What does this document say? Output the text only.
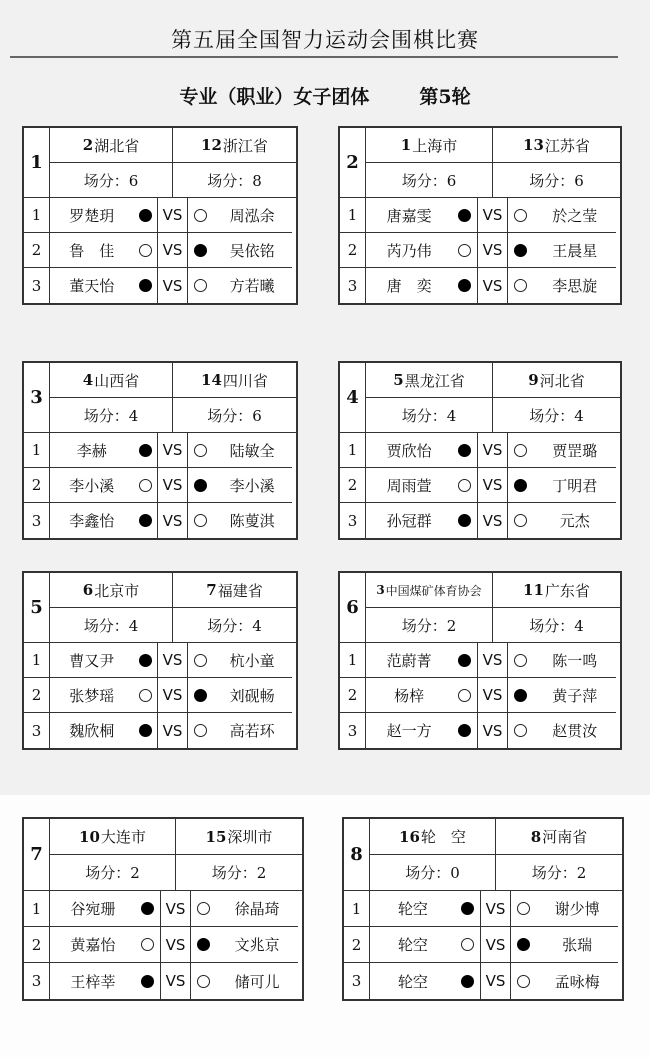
第五届全国智力运动会围棋比赛
专业（职业）女子团体	第5轮
1
2 湖北省
场分：6
12 浙江省
场分：8
1	罗楚玥	VS	周泓余
2	鲁　佳	VS	吴依铭
3	董天怡	VS	方若曦
2
1 上海市
场分：6
13 江苏省
场分：6
1	唐嘉雯	VS	於之莹
2	芮乃伟	VS	王晨星
3	唐　奕	VS	李思旋
3
4 山西省
场分：4
14 四川省
场分：6
1	李赫	VS	陆敏全
2	李小溪	VS	李小溪
3	李鑫怡	VS	陈蓃淇
4
5 黑龙江省
场分：4
9 河北省
场分：4
1	贾欣怡	VS	贾罡璐
2	周雨萱	VS	丁明君
3	孙冠群	VS	元杰
5
6 北京市
场分：4
7 福建省
场分：4
1	曹又尹	VS	杭小童
2	张梦瑶	VS	刘砚畅
3	魏欣桐	VS	高若环
6
3 中国煤矿体育协会
场分：2
11 广东省
场分：4
1	范蔚菁	VS	陈一鸣
2	杨梓	VS	黄子萍
3	赵一方	VS	赵贯汝
7
10 大连市
场分：2
15 深圳市
场分：2
1	谷宛珊	VS	徐晶琦
2	黄嘉怡	VS	文兆京
3	王梓莘	VS	储可儿
8
16 轮　空
场分：0
8 河南省
场分：2
1	轮空	VS	谢少博
2	轮空	VS	张瑞
3	轮空	VS	孟咏梅
